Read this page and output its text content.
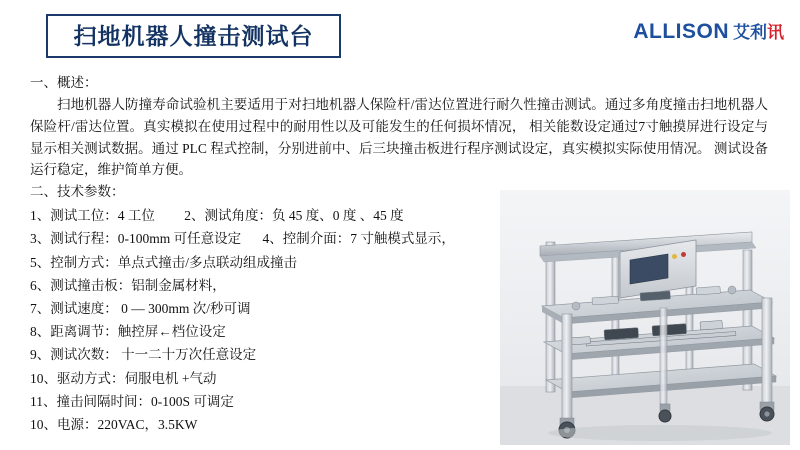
扫地机器人撞击测试台	ALLISON 艾利讯
一、概述：
扫地机器人防撞寿命试验机主要适用于对扫地机器人保险杆/雷达位置进行耐久性撞击测试。通过多角度撞击扫地机器人保险杆/雷达位置。真实模拟在使用过程中的耐用性以及可能发生的任何损坏情况， 相关能数设定通过7寸触摸屏进行设定与显示相关测试数据。通过 PLC 程式控制，分别进前中、后三块撞击板进行程序测试设定，真实模拟实际使用情况。 测试设备运行稳定，维护简单方便。
二、技术参数：
1、测试工位：4 工位 2、测试角度：负 45 度、0 度 、45 度
3、测试行程：0-100mm 可任意设定 4、控制介面：7 寸触模式显示，
5、控制方式：单点式撞击/多点联动组成撞击
6、测试撞击板：铝制金属材料，
7、测试速度： 0 — 300mm 次/秒可调
8、距离调节：触控屏←档位设定
9、测试次数： 十一二十万次任意设定
10、驱动方式：伺服电机 +气动
11、撞击间隔时间：0-100S 可调定
10、电源：220VAC，3.5KW
